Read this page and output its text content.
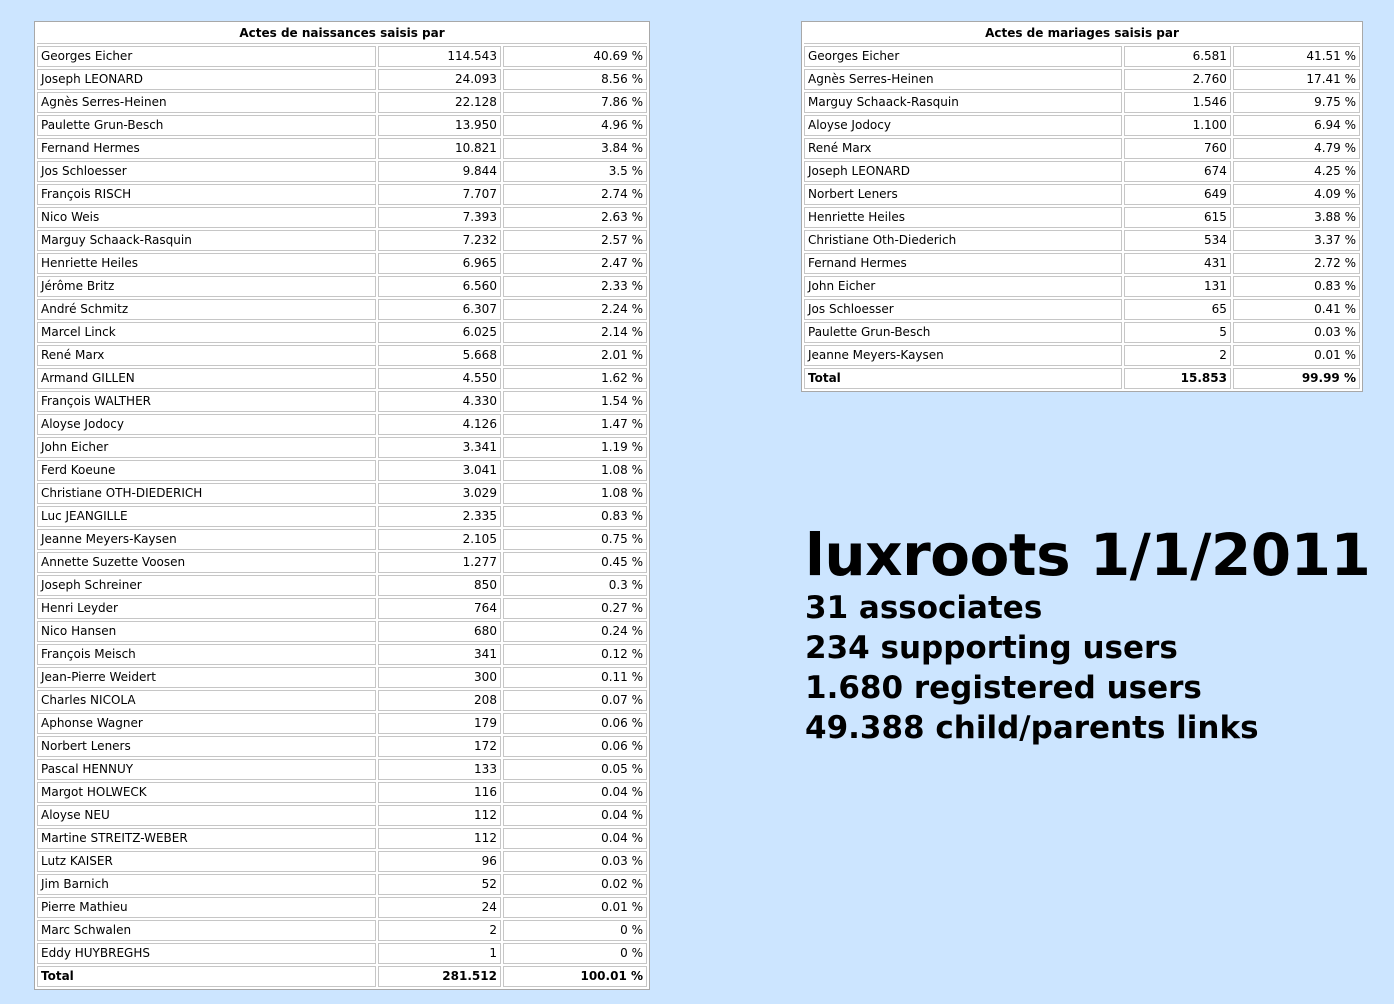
Actes de naissances saisis par		
Georges Eicher	114.543	40.69 %
Joseph LEONARD	24.093	8.56 %
Agnès Serres-Heinen	22.128	7.86 %
Paulette Grun-Besch	13.950	4.96 %
Fernand Hermes	10.821	3.84 %
Jos Schloesser	9.844	3.5 %
François RISCH	7.707	2.74 %
Nico Weis	7.393	2.63 %
Marguy Schaack-Rasquin	7.232	2.57 %
Henriette Heiles	6.965	2.47 %
Jérôme Britz	6.560	2.33 %
André Schmitz	6.307	2.24 %
Marcel Linck	6.025	2.14 %
René Marx	5.668	2.01 %
Armand GILLEN	4.550	1.62 %
François WALTHER	4.330	1.54 %
Aloyse Jodocy	4.126	1.47 %
John Eicher	3.341	1.19 %
Ferd Koeune	3.041	1.08 %
Christiane OTH-DIEDERICH	3.029	1.08 %
Luc JEANGILLE	2.335	0.83 %
Jeanne Meyers-Kaysen	2.105	0.75 %
Annette Suzette Voosen	1.277	0.45 %
Joseph Schreiner	850	0.3 %
Henri Leyder	764	0.27 %
Nico Hansen	680	0.24 %
François Meisch	341	0.12 %
Jean-Pierre Weidert	300	0.11 %
Charles NICOLA	208	0.07 %
Aphonse Wagner	179	0.06 %
Norbert Leners	172	0.06 %
Pascal HENNUY	133	0.05 %
Margot HOLWECK	116	0.04 %
Aloyse NEU	112	0.04 %
Martine STREITZ-WEBER	112	0.04 %
Lutz KAISER	96	0.03 %
Jim Barnich	52	0.02 %
Pierre Mathieu	24	0.01 %
Marc Schwalen	2	0 %
Eddy HUYBREGHS	1	0 %
Total	281.512	100.01 %
Actes de mariages saisis par		
Georges Eicher	6.581	41.51 %
Agnès Serres-Heinen	2.760	17.41 %
Marguy Schaack-Rasquin	1.546	9.75 %
Aloyse Jodocy	1.100	6.94 %
René Marx	760	4.79 %
Joseph LEONARD	674	4.25 %
Norbert Leners	649	4.09 %
Henriette Heiles	615	3.88 %
Christiane Oth-Diederich	534	3.37 %
Fernand Hermes	431	2.72 %
John Eicher	131	0.83 %
Jos Schloesser	65	0.41 %
Paulette Grun-Besch	5	0.03 %
Jeanne Meyers-Kaysen	2	0.01 %
Total	15.853	99.99 %
luxroots 1/1/2011
31 associates
234 supporting users
1.680 registered users
49.388 child/parents links
